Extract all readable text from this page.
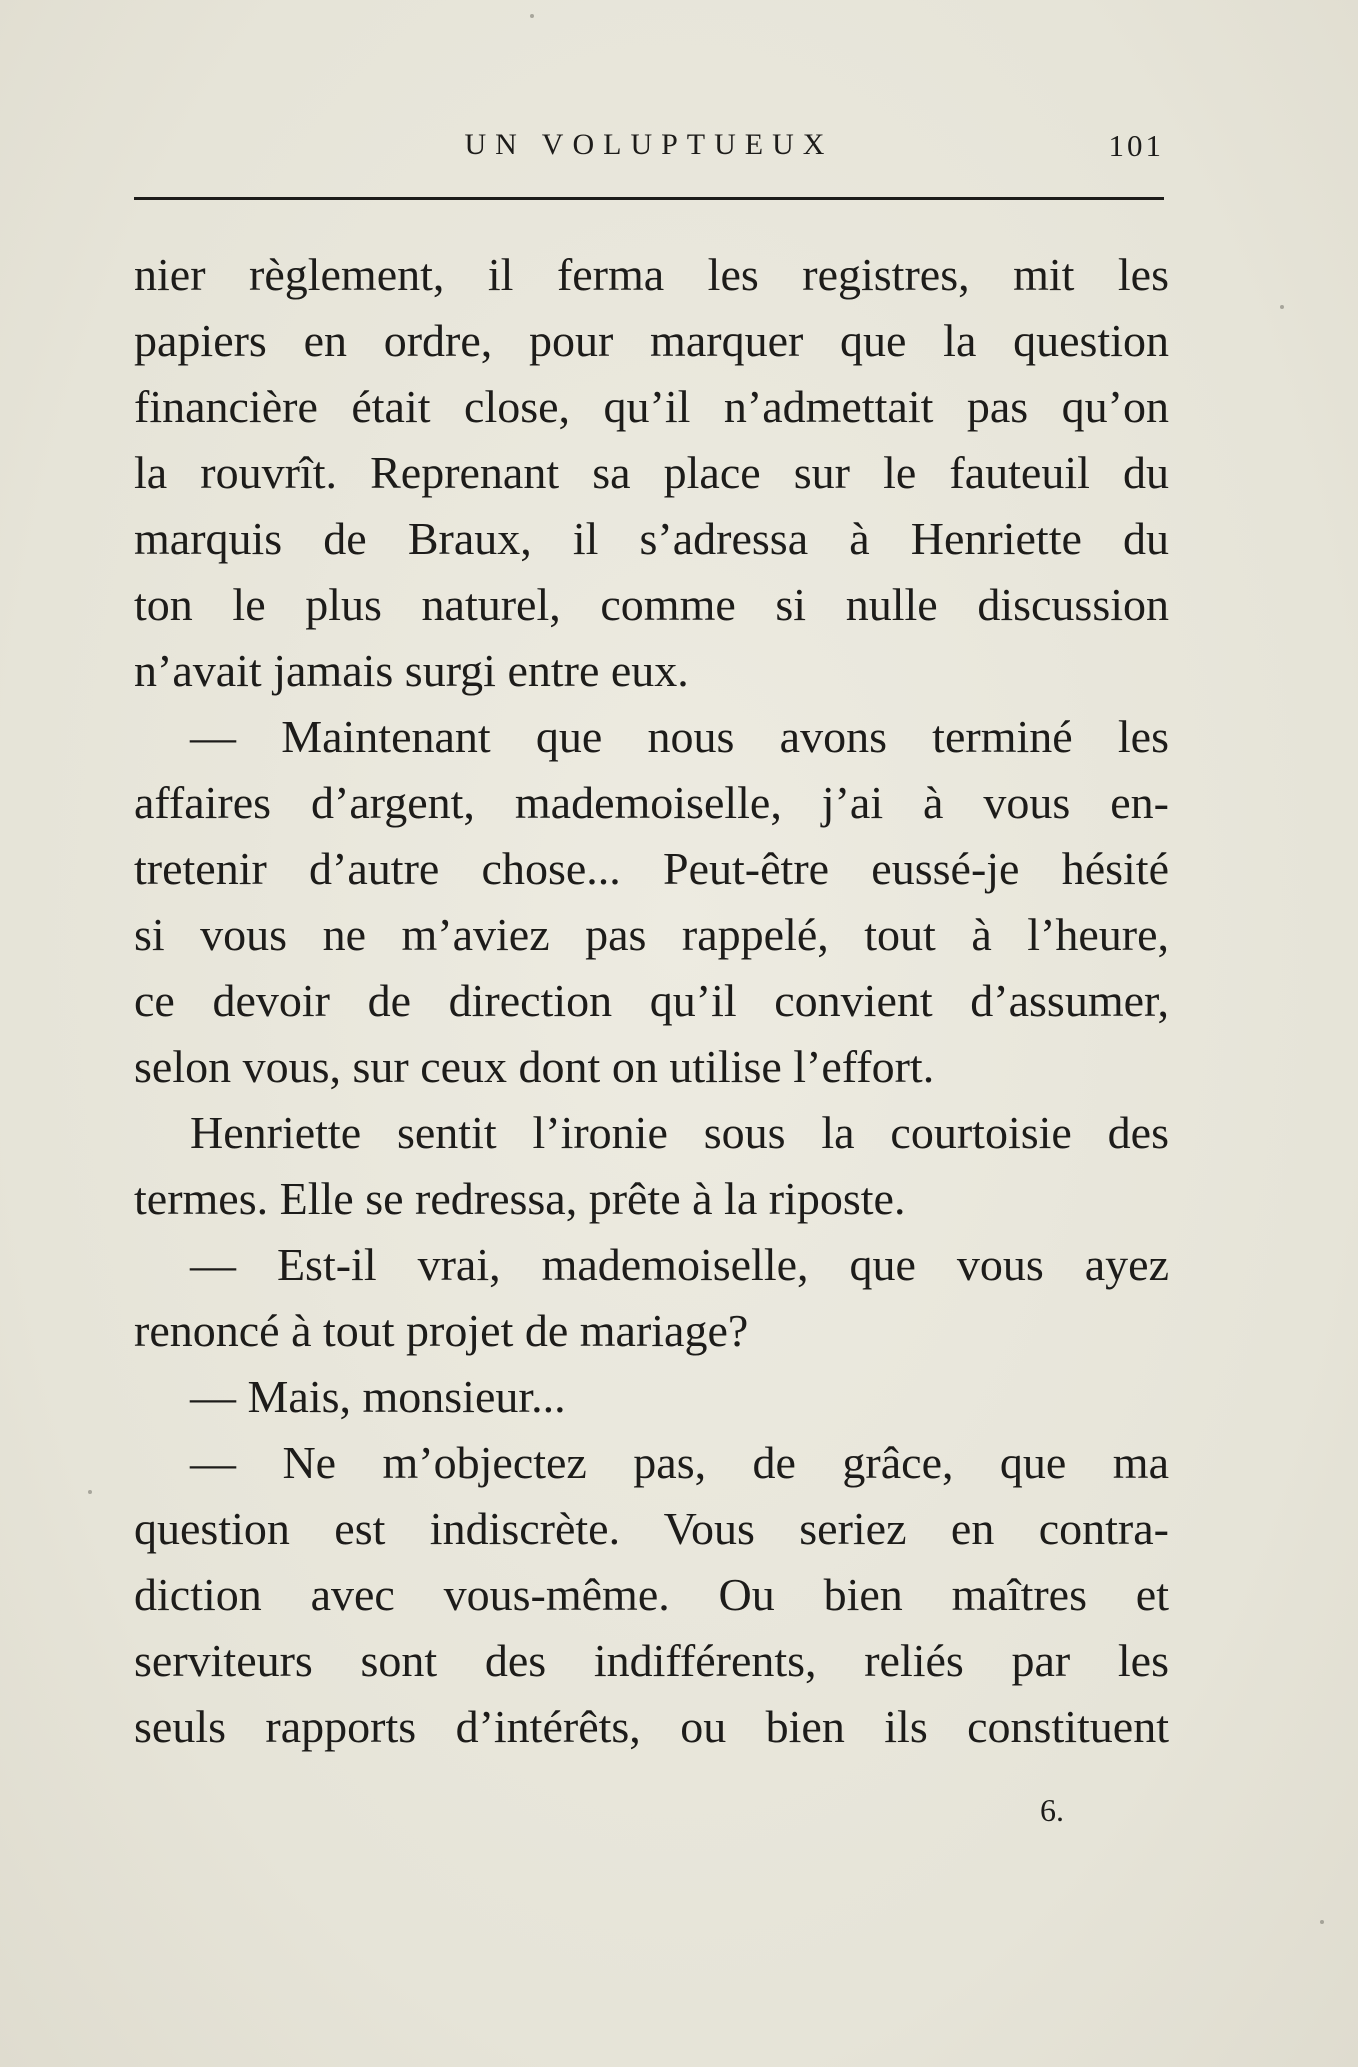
UN VOLUPTUEUX	101
nier règlement, il ferma les registres, mit les
papiers en ordre, pour marquer que la question
financière était close, qu’il n’admettait pas qu’on
la rouvrît. Reprenant sa place sur le fauteuil du
marquis de Braux, il s’adressa à Henriette du
ton le plus naturel, comme si nulle discussion
n’avait jamais surgi entre eux.
— Maintenant que nous avons terminé les
affaires d’argent, mademoiselle, j’ai à vous en-
tretenir d’autre chose... Peut-être eussé-je hésité
si vous ne m’aviez pas rappelé, tout à l’heure,
ce devoir de direction qu’il convient d’assumer,
selon vous, sur ceux dont on utilise l’effort.
Henriette sentit l’ironie sous la courtoisie des
termes. Elle se redressa, prête à la riposte.
— Est-il vrai, mademoiselle, que vous ayez
renoncé à tout projet de mariage?
— Mais, monsieur...
— Ne m’objectez pas, de grâce, que ma
question est indiscrète. Vous seriez en contra-
diction avec vous-même. Ou bien maîtres et
serviteurs sont des indifférents, reliés par les
seuls rapports d’intérêts, ou bien ils constituent
6.
